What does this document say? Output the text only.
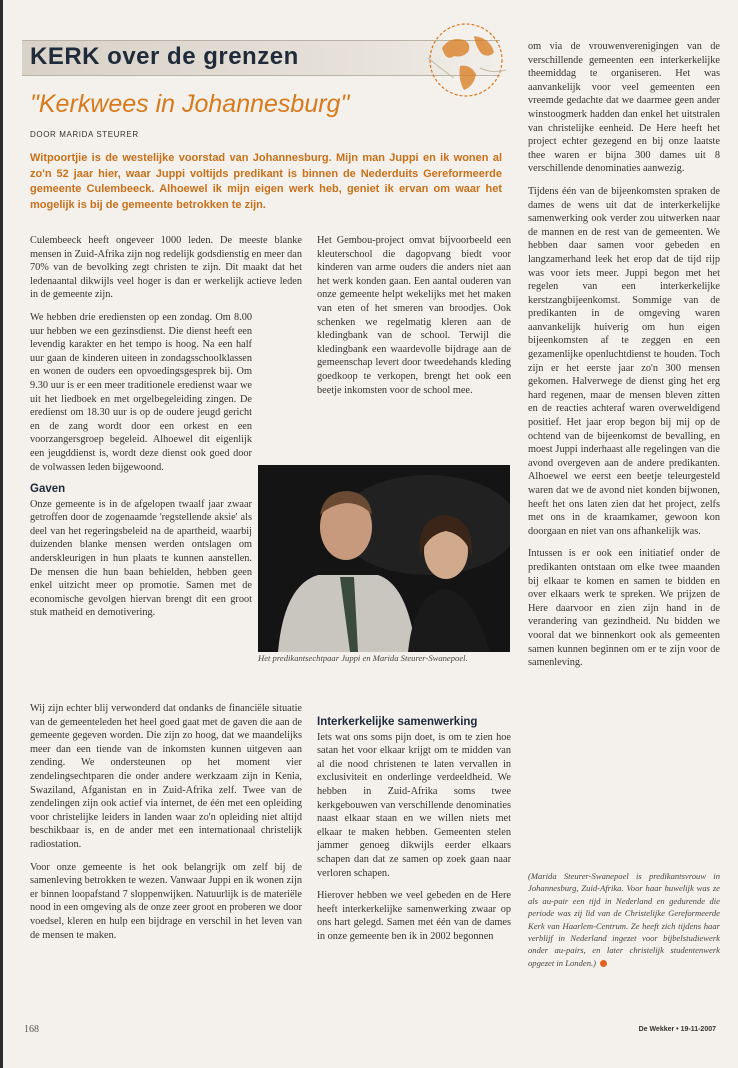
KERK over de grenzen
"Kerkwees in Johannesburg"
DOOR MARIDA STEURER

Witpoortjie is de westelijke voorstad van Johannesburg. Mijn man Juppi en ik wonen al zo'n 52 jaar hier, waar Juppi voltijds predikant is binnen de Nederduits Gereformeerde gemeente Culembeeck. Alhoewel ik mijn eigen werk heb, geniet ik ervan om waar het mogelijk is bij de gemeente betrokken te zijn.

Culembeeck heeft ongeveer 1000 leden. De meeste blanke mensen in Zuid-Afrika zijn nog redelijk godsdienstig en meer dan 70% van de bevolking zegt christen te zijn. Dit maakt dat het ledenaantal dikwijls veel hoger is dan er werkelijk actieve leden in de gemeente zijn.

We hebben drie erediensten op een zondag. Om 8.00 uur hebben we een gezinsdienst. Die dienst heeft een levendig karakter en het tempo is hoog. Na een half uur gaan de kinderen uiteen in zondagsschoolklassen en wonen de ouders een opvoedingsgesprek bij. Om 9.30 uur is er een meer traditionele eredienst waar we uit het liedboek en met orgelbegeleiding zingen. De eredienst om 18.30 uur is op de oudere jeugd gericht en de zang wordt door een orkest en een voorzangersgroep begeleid. Alhoewel dit eigenlijk een jeugddienst is, wordt deze dienst ook goed door de volwassen leden bijgewoond.

Gaven

Onze gemeente is in de afgelopen twaalf jaar zwaar getroffen door de zogenaamde 'regstellende aksie' als deel van het regeringsbeleid na de apartheid, waarbij duizenden blanke mensen werden ontslagen om anderskleurigen in hun plaats te kunnen aanstellen. De mensen die hun baan behielden, hebben geen enkel uitzicht meer op promotie. Samen met de economische gevolgen hiervan brengt dit een groot stuk matheid en demotivering.

Het Gembou-project omvat bijvoorbeeld een kleuterschool die dagopvang biedt voor kinderen van arme ouders die anders niet aan het werk konden gaan. Een aantal ouderen van onze gemeente helpt wekelijks met het maken van eten of het smeren van broodjes. Ook schenken we regelmatig kleren aan de kledingbank van de school. Terwijl die kledingbank een waardevolle bijdrage aan de gemeenschap levert door tweedehands kleding goedkoop te verkopen, brengt het ook een beetje inkomsten voor de school mee.

Het predikantsechtpaar Juppi en Marida Steurer-Swanepoel.

Wij zijn echter blij verwonderd dat ondanks de financiële situatie van de gemeenteleden het heel goed gaat met de gaven die aan de gemeente gegeven worden. Die zijn zo hoog, dat we maandelijks meer dan een tiende van de inkomsten kunnen uitgeven aan zending. We ondersteunen op het moment vier zendelingsechtparen die onder andere werkzaam zijn in Kenia, Swaziland, Afganistan en in Zuid-Afrika zelf. Twee van de zendelingen zijn ook actief via internet, de één met een opleiding voor christelijke leiders in landen waar zo'n opleiding niet altijd beschikbaar is, en de ander met een internationaal christelijk radiostation.

Voor onze gemeente is het ook belangrijk om zelf bij de samenleving betrokken te wezen. Vanwaar Juppi en ik wonen zijn er binnen loopafstand 7 sloppenwijken. Natuurlijk is de materiële nood in een omgeving als de onze zeer groot en proberen we door voedsel, kleren en hulp een bijdrage en verschil in het leven van de mensen te maken.

Interkerkelijke samenwerking

Iets wat ons soms pijn doet, is om te zien hoe satan het voor elkaar krijgt om te midden van al die nood christenen te laten vervallen in exclusiviteit en onderlinge verdeeldheid. We hebben in Zuid-Afrika soms twee kerkgebouwen van verschillende denominaties naast elkaar staan en we willen niets met elkaar te maken hebben. Gemeenten stelen jammer genoeg dikwijls eerder elkaars schapen dan dat ze samen op zoek gaan naar verloren schapen.

Hierover hebben we veel gebeden en de Here heeft interkerkelijke samenwerking zwaar op ons hart gelegd. Samen met één van de dames in onze gemeente ben ik in 2002 begonnen

om via de vrouwenverenigingen van de verschillende gemeenten een interkerkelijke theemiddag te organiseren. Het was aanvankelijk voor veel gemeenten een vreemde gedachte dat we daarmee geen ander winstoogmerk hadden dan enkel het uitstralen van christelijke eenheid. De Here heeft het project echter gezegend en bij onze laatste thee waren er bijna 300 dames uit 8 verschillende denominaties aanwezig.

Tijdens één van de bijeenkomsten spraken de dames de wens uit dat de interkerkelijke samenwerking ook verder zou uitwerken naar de mannen en de rest van de gemeenten. We hebben daar samen voor gebeden en langzamerhand leek het erop dat de tijd rijp was voor iets meer. Juppi begon met het regelen van een interkerkelijke kerstzangbijeenkomst. Sommige van de predikanten in de omgeving waren aanvankelijk huiverig om hun eigen bijeenkomsten af te zeggen en een gezamenlijke openluchtdienst te houden. Toch zijn er het eerste jaar zo'n 300 mensen gekomen. Halverwege de dienst ging het erg hard regenen, maar de mensen bleven zitten en de reacties achteraf waren overweldigend positief. Het jaar erop begon bij mij op de ochtend van de bijeenkomst de bevalling, en moest Juppi inderhaast alle regelingen van die avond overgeven aan de andere predikanten. Alhoewel we eerst een beetje teleurgesteld waren dat we de avond niet konden bijwonen, heeft het ons laten zien dat het project, zelfs met ons in de kraamkamer, gewoon kon doorgaan en niet van ons afhankelijk was.

Intussen is er ook een initiatief onder de predikanten ontstaan om elke twee maanden bij elkaar te komen en samen te bidden en over elkaars werk te spreken. We prijzen de Here daarvoor en zien zijn hand in de verandering van gezindheid. Nu bidden we vooral dat we binnenkort ook als gemeenten samen kunnen beginnen om er te zijn voor de samenleving.

(Marida Steurer-Swanepoel is predikantsvrouw in Johannesburg, Zuid-Afrika. Voor haar huwelijk was ze als au-pair een tijd in Nederland en gedurende die periode was zij lid van de Christelijke Gereformeerde Kerk van Haarlem-Centrum. Ze heeft zich tijdens haar verblijf in Nederland ingezet voor bijbelstudiewerk onder au-pairs, en later christelijk studentenwerk opgezet in Londen.)

168	De Wekker • 19-11-2007
